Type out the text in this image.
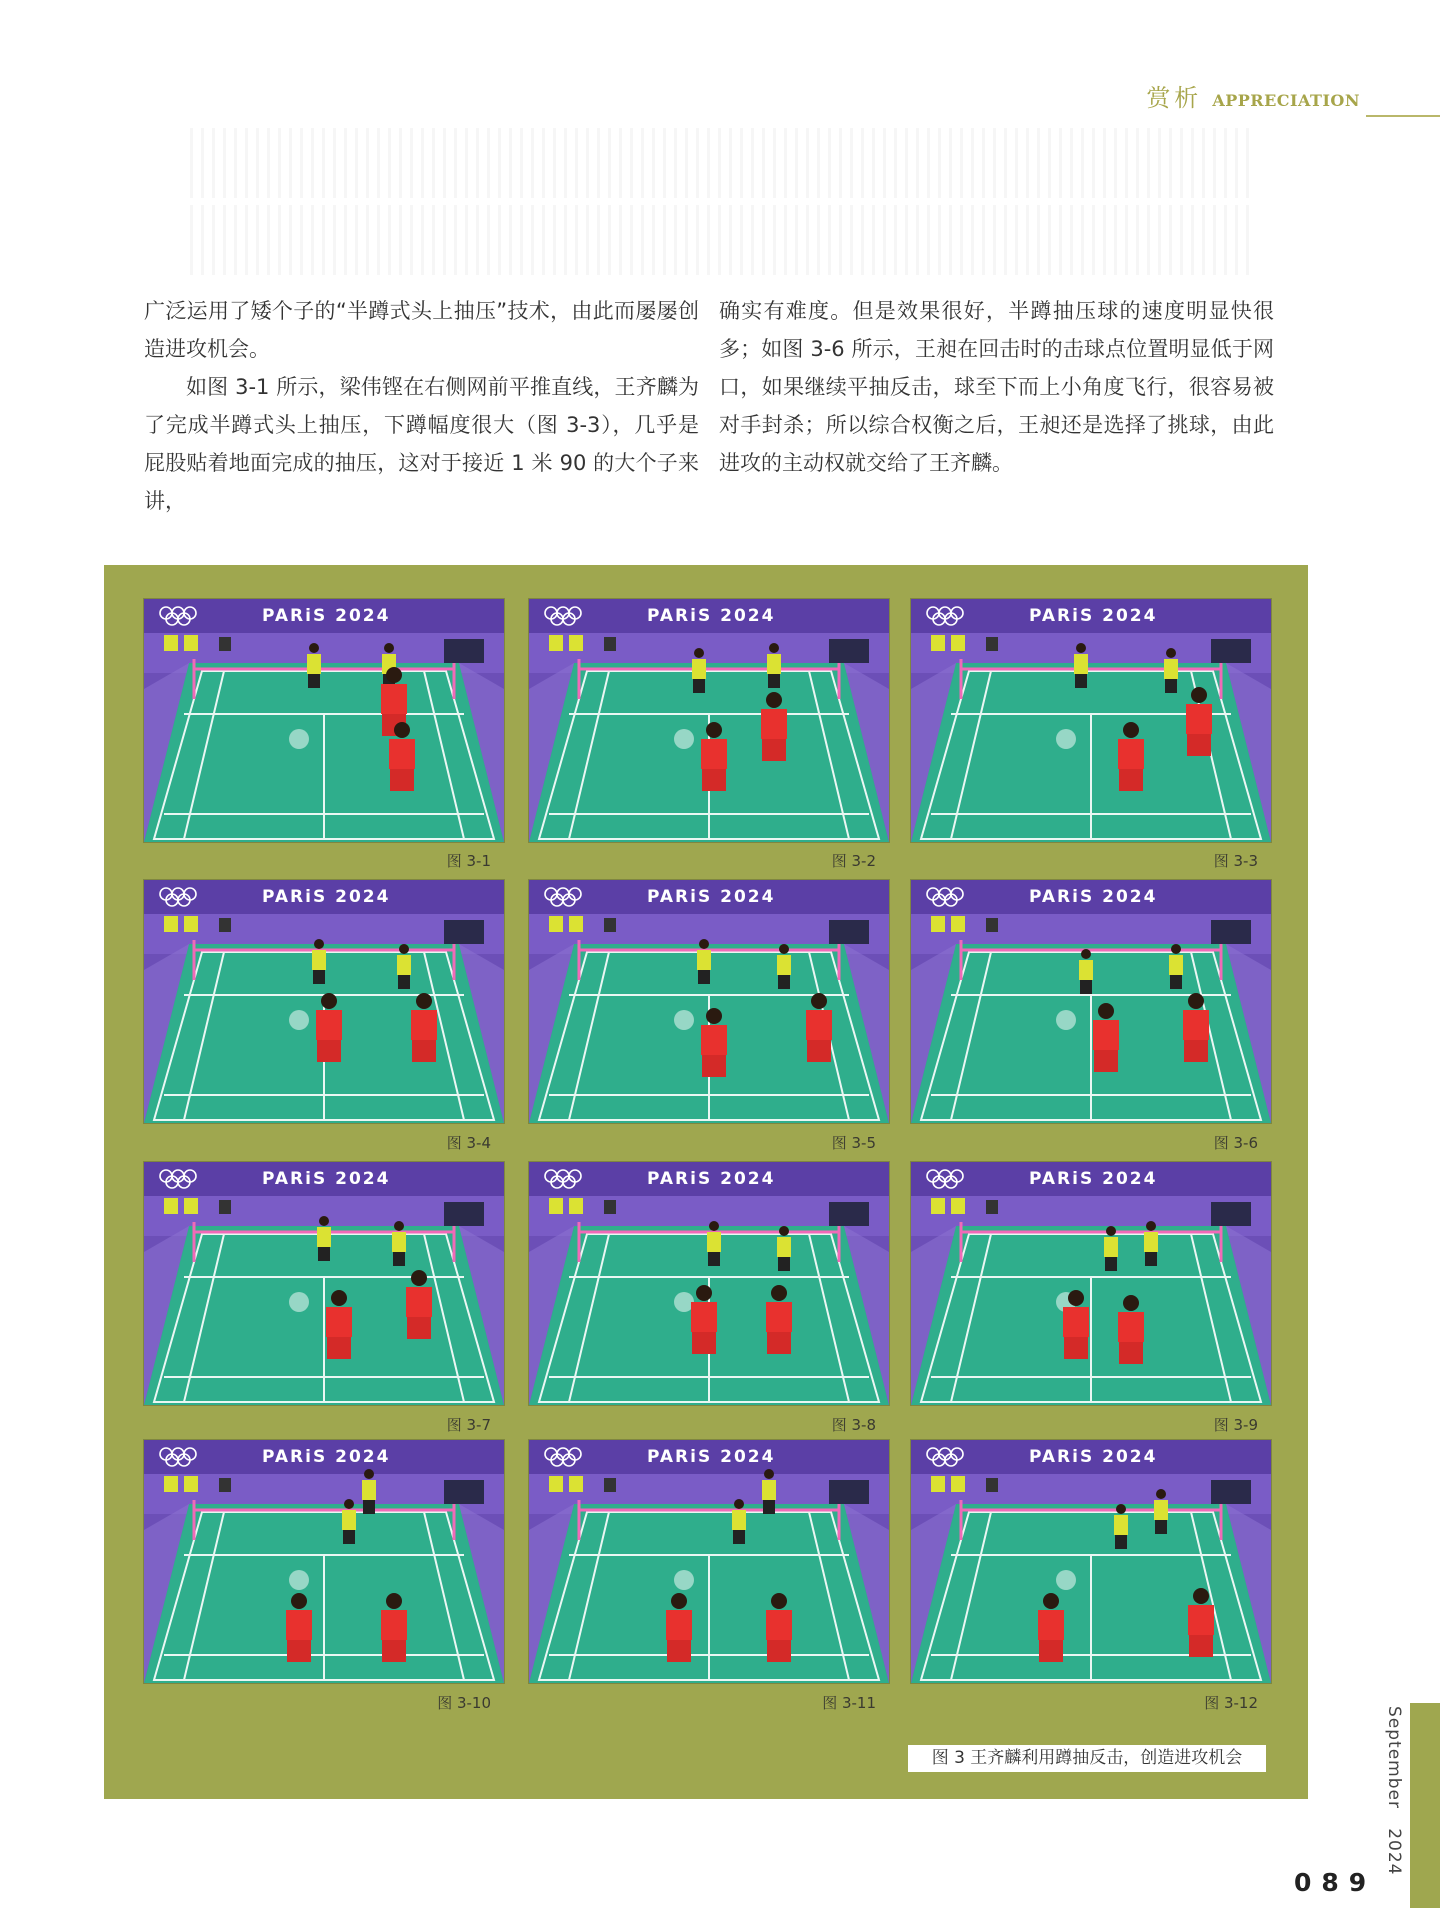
赏析 APPRECIATION

广泛运用了矮个子的“半蹲式头上抽压”技术，由此而屡屡创造进攻机会。

如图 3-1 所示，梁伟铿在右侧网前平推直线，王齐麟为了完成半蹲式头上抽压，下蹲幅度很大（图 3-3），几乎是屁股贴着地面完成的抽压，这对于接近 1 米 90 的大个子来讲，

确实有难度。但是效果很好，半蹲抽压球的速度明显快很多；如图 3-6 所示，王昶在回击时的击球点位置明显低于网口，如果继续平抽反击，球至下而上小角度飞行，很容易被对手封杀；所以综合权衡之后，王昶还是选择了挑球，由此进攻的主动权就交给了王齐麟。

PARiS 2024
图 3-1
PARiS 2024
图 3-2
PARiS 2024
图 3-3
PARiS 2024
图 3-4
PARiS 2024
图 3-5
PARiS 2024
图 3-6
PARiS 2024
图 3-7
PARiS 2024
图 3-8
PARiS 2024
图 3-9
PARiS 2024
图 3-10
PARiS 2024
图 3-11
PARiS 2024
图 3-12
图 3 王齐麟利用蹲抽反击，创造进攻机会	September   2024
089
